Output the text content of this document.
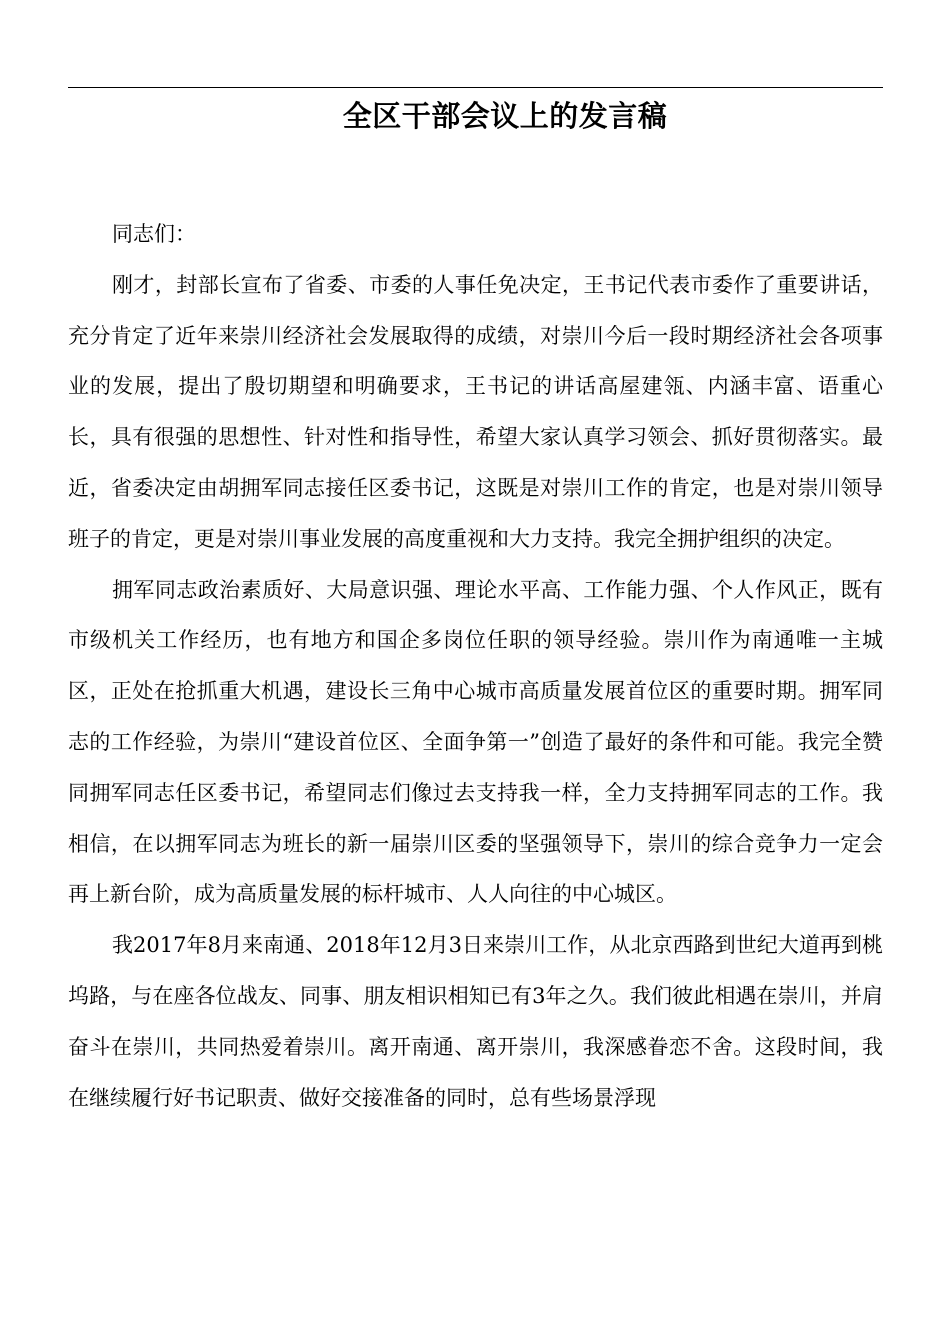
全区干部会议上的发言稿

同志们：

刚才，封部长宣布了省委、市委的人事任免决定，王书记代表市委作了重要讲话，充分肯定了近年来崇川经济社会发展取得的成绩，对崇川今后一段时期经济社会各项事业的发展，提出了殷切期望和明确要求，王书记的讲话高屋建瓴、内涵丰富、语重心长，具有很强的思想性、针对性和指导性，希望大家认真学习领会、抓好贯彻落实。最近，省委决定由胡拥军同志接任区委书记，这既是对崇川工作的肯定，也是对崇川领导班子的肯定，更是对崇川事业发展的高度重视和大力支持。我完全拥护组织的决定。

拥军同志政治素质好、大局意识强、理论水平高、工作能力强、个人作风正，既有市级机关工作经历，也有地方和国企多岗位任职的领导经验。崇川作为南通唯一主城区，正处在抢抓重大机遇，建设长三角中心城市高质量发展首位区的重要时期。拥军同志的工作经验，为崇川“建设首位区、全面争第一”创造了最好的条件和可能。我完全赞同拥军同志任区委书记，希望同志们像过去支持我一样，全力支持拥军同志的工作。我相信，在以拥军同志为班长的新一届崇川区委的坚强领导下，崇川的综合竞争力一定会再上新台阶，成为高质量发展的标杆城市、人人向往的中心城区。

我2017年8月来南通、2018年12月3日来崇川工作，从北京西路到世纪大道再到桃坞路，与在座各位战友、同事、朋友相识相知已有3年之久。我们彼此相遇在崇川，并肩奋斗在崇川，共同热爱着崇川。离开南通、离开崇川，我深感眷恋不舍。这段时间，我在继续履行好书记职责、做好交接准备的同时，总有些场景浮现
